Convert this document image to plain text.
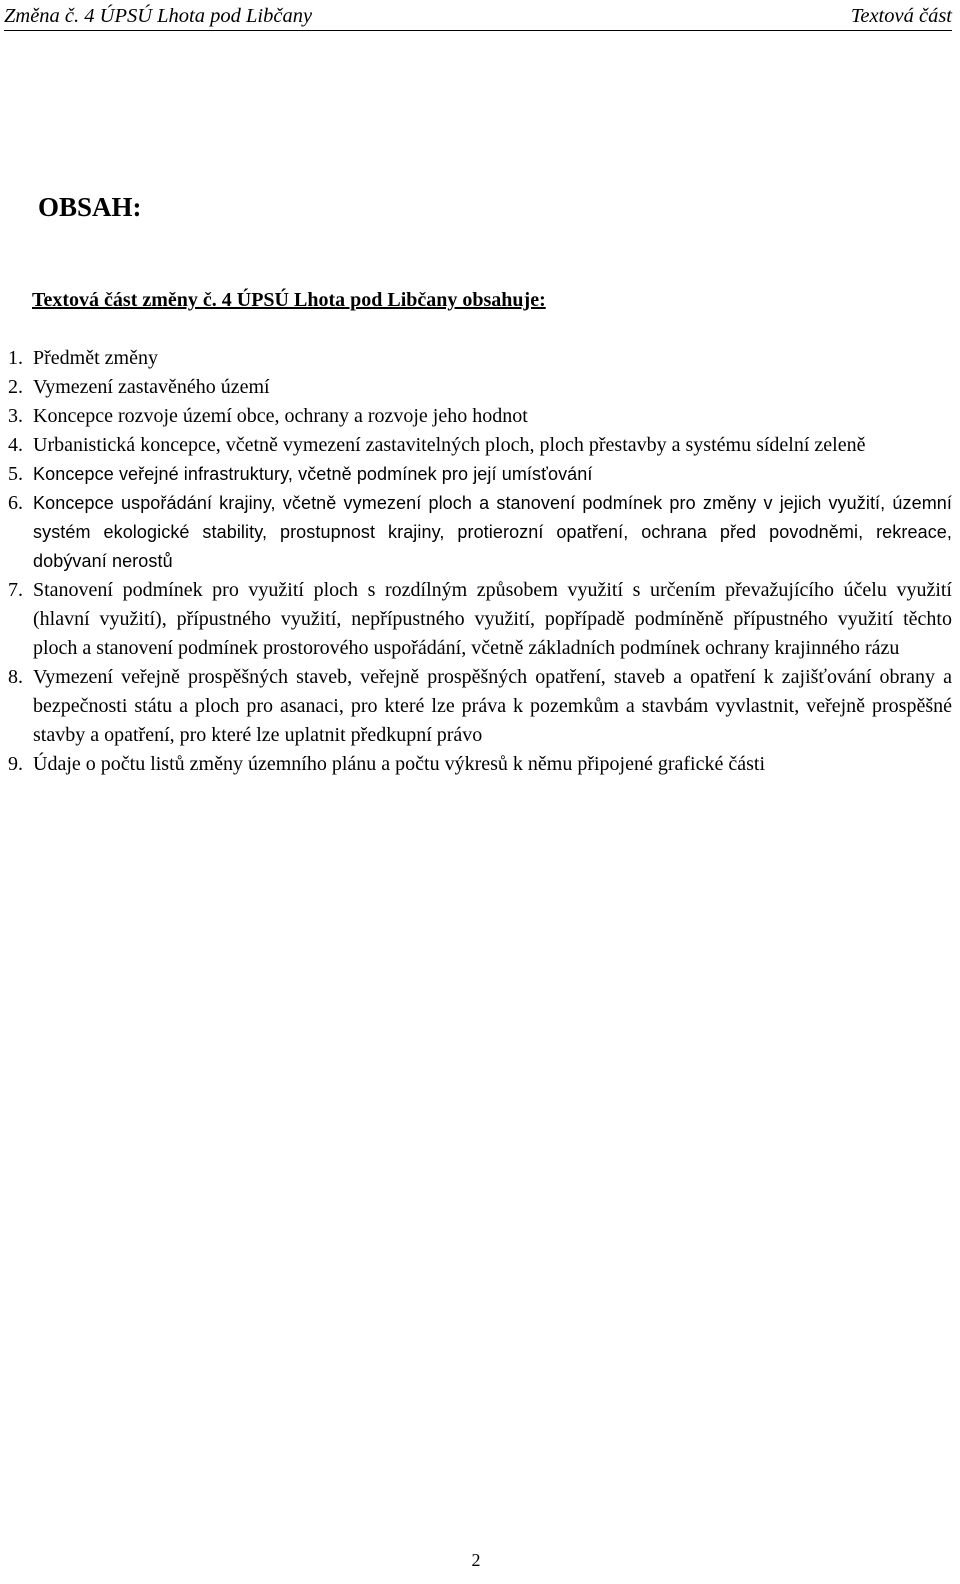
Změna č. 4 ÚPSÚ Lhota pod Libčany	Textová část
OBSAH:
Textová část změny č. 4 ÚPSÚ Lhota pod Libčany obsahuje:
1. Předmět změny
2. Vymezení zastavěného území
3. Koncepce rozvoje území obce, ochrany a rozvoje jeho hodnot
4. Urbanistická koncepce, včetně vymezení zastavitelných ploch, ploch přestavby a systému sídelní zeleně
5. Koncepce veřejné infrastruktury, včetně podmínek pro její umísťování
6. Koncepce uspořádání krajiny, včetně vymezení ploch a stanovení podmínek pro změny v jejich využití, územní systém ekologické stability, prostupnost krajiny, protierozní opatření, ochrana před povodněmi, rekreace, dobývaní nerostů
7. Stanovení podmínek pro využití ploch s rozdílným způsobem využití s určením převažujícího účelu využití (hlavní využití), přípustného využití, nepřípustného využití, popřípadě podmíněně přípustného využití těchto ploch a stanovení podmínek prostorového uspořádání, včetně základních podmínek ochrany krajinného rázu
8. Vymezení veřejně prospěšných staveb, veřejně prospěšných opatření, staveb a opatření k zajišťování obrany a bezpečnosti státu a ploch pro asanaci, pro které lze práva k pozemkům a stavbám vyvlastnit, veřejně prospěšné stavby a opatření, pro které lze uplatnit předkupní právo
9. Údaje o počtu listů změny územního plánu a počtu výkresů k němu připojené grafické části
2
